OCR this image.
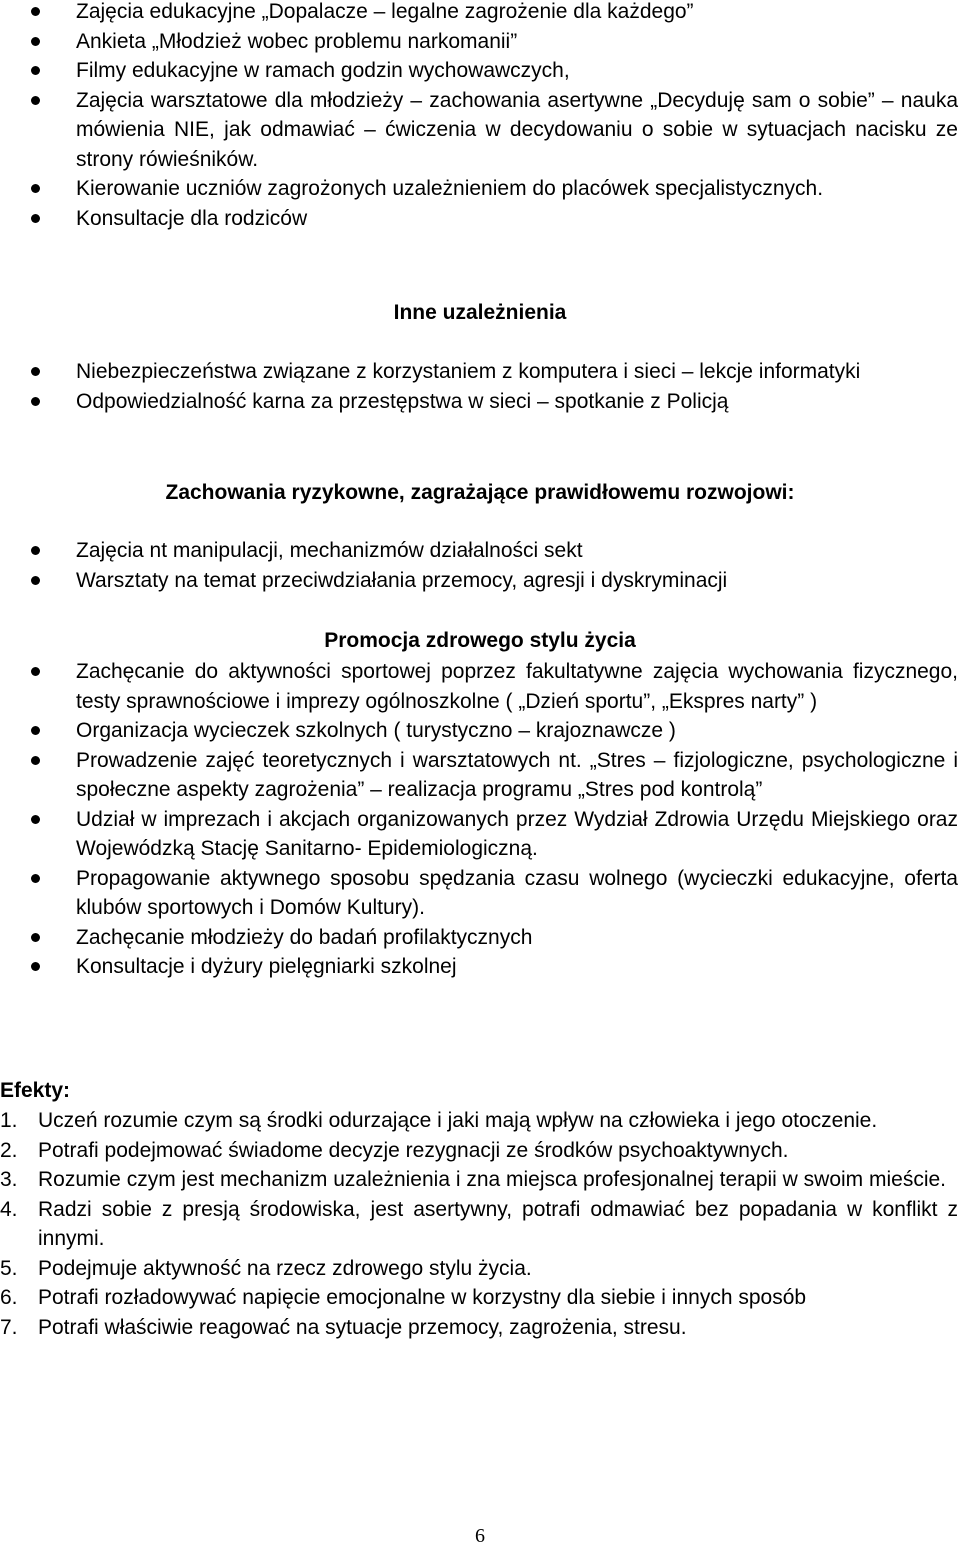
Zajęcia edukacyjne „Dopalacze – legalne zagrożenie dla każdego”
Ankieta „Młodzież wobec problemu narkomanii”
Filmy edukacyjne w ramach godzin wychowawczych,
Zajęcia warsztatowe dla młodzieży – zachowania asertywne „Decyduję sam o sobie” – nauka mówienia NIE, jak odmawiać – ćwiczenia w decydowaniu o sobie w sytuacjach nacisku ze strony rówieśników.
Kierowanie uczniów zagrożonych uzależnieniem do placówek specjalistycznych.
Konsultacje dla rodziców
Inne uzależnienia
Niebezpieczeństwa związane z korzystaniem z komputera i sieci – lekcje informatyki
Odpowiedzialność karna za przestępstwa w sieci – spotkanie z Policją
Zachowania ryzykowne, zagrażające prawidłowemu rozwojowi:
Zajęcia nt manipulacji, mechanizmów działalności sekt
Warsztaty na temat przeciwdziałania przemocy, agresji i dyskryminacji
Promocja zdrowego stylu życia
Zachęcanie do aktywności sportowej poprzez fakultatywne zajęcia wychowania fizycznego, testy sprawnościowe i imprezy ogólnoszkolne ( „Dzień sportu”, „Ekspres narty” )
Organizacja wycieczek szkolnych ( turystyczno – krajoznawcze )
Prowadzenie zajęć teoretycznych i warsztatowych nt. „Stres – fizjologiczne, psychologiczne i społeczne aspekty zagrożenia” – realizacja programu „Stres pod kontrolą”
Udział w imprezach i akcjach organizowanych przez Wydział Zdrowia Urzędu Miejskiego oraz Wojewódzką Stację Sanitarno- Epidemiologiczną.
Propagowanie aktywnego sposobu spędzania czasu wolnego (wycieczki edukacyjne, oferta klubów sportowych i Domów Kultury).
Zachęcanie młodzieży do badań profilaktycznych
Konsultacje i dyżury pielęgniarki szkolnej
Efekty:
1. Uczeń rozumie czym są środki odurzające i jaki mają wpływ na człowieka i jego otoczenie.
2. Potrafi podejmować świadome decyzje rezygnacji ze środków psychoaktywnych.
3. Rozumie czym jest mechanizm uzależnienia i zna miejsca profesjonalnej terapii w swoim mieście.
4. Radzi sobie z presją środowiska, jest asertywny, potrafi odmawiać bez popadania w konflikt z innymi.
5. Podejmuje aktywność na rzecz zdrowego stylu życia.
6. Potrafi rozładowywać napięcie emocjonalne w korzystny dla siebie i innych sposób
7. Potrafi właściwie reagować na sytuacje przemocy, zagrożenia, stresu.
6
